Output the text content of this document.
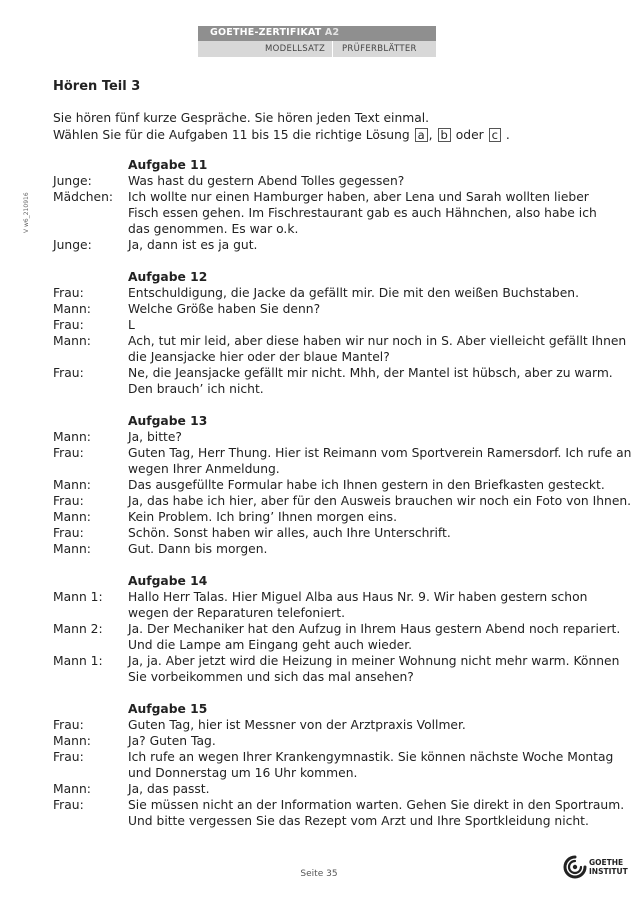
GOETHE-ZERTIFIKAT A2
MODELLSATZ PRÜFERBLÄTTER
V w6_210916
Hören Teil 3
Sie hören fünf kurze Gespräche. Sie hören jeden Text einmal.
Wählen Sie für die Aufgaben 11 bis 15 die richtige Lösung a , b oder c .
Aufgabe 11
Junge:	Was hast du gestern Abend Tolles gegessen?
Mädchen:	Ich wollte nur einen Hamburger haben, aber Lena und Sarah wollten lieber
Fisch essen gehen. Im Fischrestaurant gab es auch Hähnchen, also habe ich
das genommen. Es war o.k.
Junge:	Ja, dann ist es ja gut.
Aufgabe 12
Frau:	Entschuldigung, die Jacke da gefällt mir. Die mit den weißen Buchstaben.
Mann:	Welche Größe haben Sie denn?
Frau:	L
Mann:	Ach, tut mir leid, aber diese haben wir nur noch in S. Aber vielleicht gefällt Ihnen
die Jeansjacke hier oder der blaue Mantel?
Frau:	Ne, die Jeansjacke gefällt mir nicht. Mhh, der Mantel ist hübsch, aber zu warm.
Den brauch’ ich nicht.
Aufgabe 13
Mann:	Ja, bitte?
Frau:	Guten Tag, Herr Thung. Hier ist Reimann vom Sportverein Ramersdorf. Ich rufe an
wegen Ihrer Anmeldung.
Mann:	Das ausgefüllte Formular habe ich Ihnen gestern in den Briefkasten gesteckt.
Frau:	Ja, das habe ich hier, aber für den Ausweis brauchen wir noch ein Foto von Ihnen.
Mann:	Kein Problem. Ich bring’ Ihnen morgen eins.
Frau:	Schön. Sonst haben wir alles, auch Ihre Unterschrift.
Mann:	Gut. Dann bis morgen.
Aufgabe 14
Mann 1:	Hallo Herr Talas. Hier Miguel Alba aus Haus Nr. 9. Wir haben gestern schon
wegen der Reparaturen telefoniert.
Mann 2:	Ja. Der Mechaniker hat den Aufzug in Ihrem Haus gestern Abend noch repariert.
Und die Lampe am Eingang geht auch wieder.
Mann 1:	Ja, ja. Aber jetzt wird die Heizung in meiner Wohnung nicht mehr warm. Können
Sie vorbeikommen und sich das mal ansehen?
Aufgabe 15
Frau:	Guten Tag, hier ist Messner von der Arztpraxis Vollmer.
Mann:	Ja? Guten Tag.
Frau:	Ich rufe an wegen Ihrer Krankengymnastik. Sie können nächste Woche Montag
und Donnerstag um 16 Uhr kommen.
Mann:	Ja, das passt.
Frau:	Sie müssen nicht an der Information warten. Gehen Sie direkt in den Sportraum.
Und bitte vergessen Sie das Rezept vom Arzt und Ihre Sportkleidung nicht.
Seite 35
GOETHE
INSTITUT
